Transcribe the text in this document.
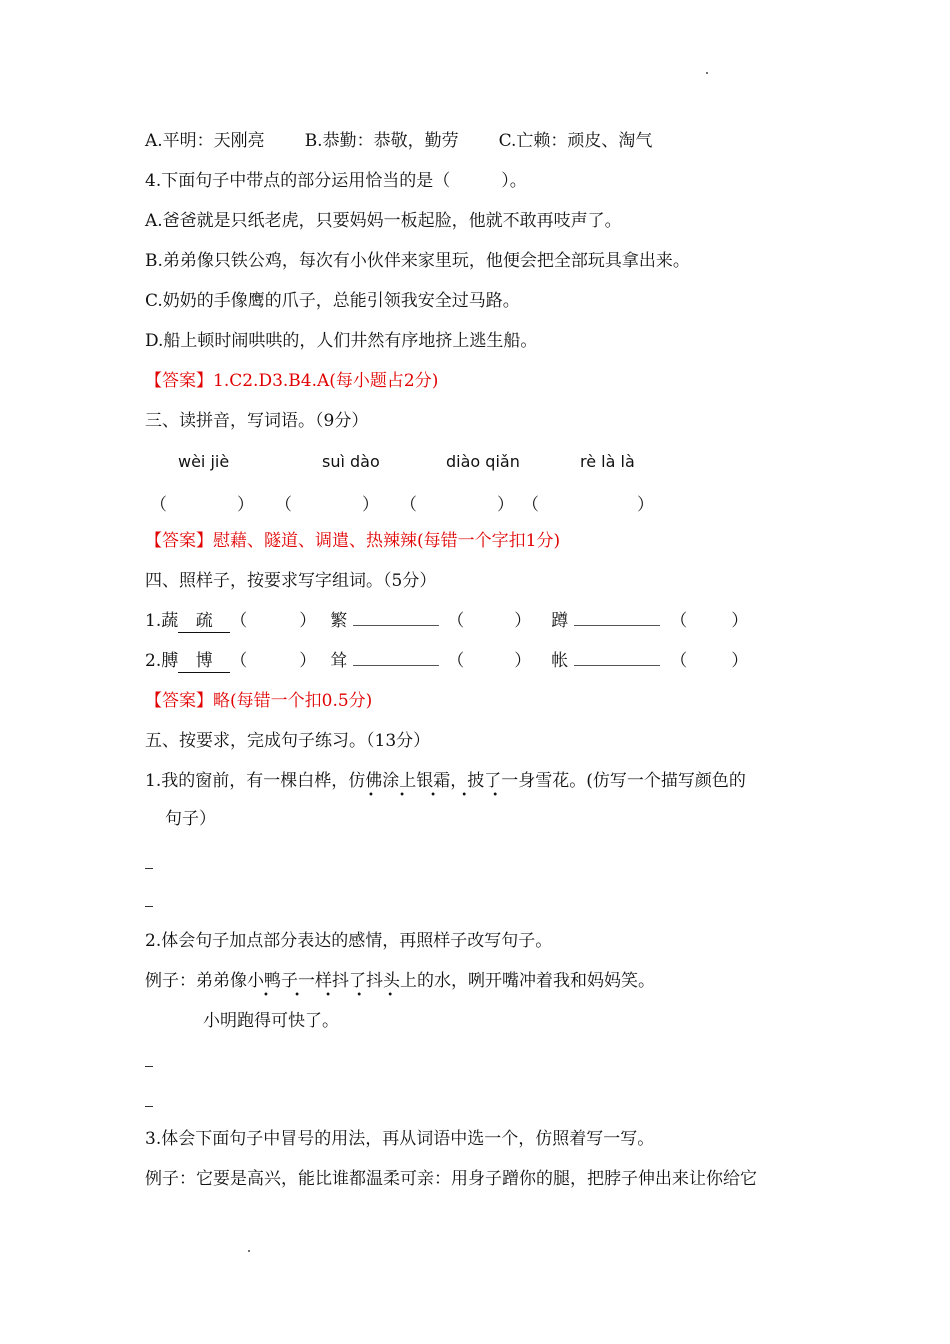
A.平明：天刚亮 B.恭勤：恭敬，勤劳 C.亡赖：顽皮、淘气
4.下面句子中带点的部分运用恰当的是（　　　）。
A.爸爸就是只纸老虎，只要妈妈一板起脸，他就不敢再吱声了。
B.弟弟像只铁公鸡，每次有小伙伴来家里玩，他便会把全部玩具拿出来。
C.奶奶的手像鹰的爪子，总能引领我安全过马路。
D.船上顿时闹哄哄的，人们井然有序地挤上逃生船。
【答案】1.C2.D3.B4.A(每小题占2分)
三、读拼音，写词语。（9分）
wèi jiè	suì dào	diào qiǎn	rè là là
（	） （	） （	） （	）
【答案】慰藉、隧道、调遣、热辣辣(每错一个字扣1分)
四、照样子，按要求写字组词。（5分）
1.蔬 疏 （	） 繁	（	） 蹲	（	）
2.膊 博 （	） 耸	（	） 帐	（	）
【答案】略(每错一个扣0.5分)
五、按要求，完成句子练习。（13分）
1.我的窗前，有一棵白桦，仿佛涂上银霜，披了一身雪花。(仿写一个描写颜色的
• • • • •
句子）
2.体会句子加点部分表达的感情，再照样子改写句子。
例子：弟弟像小鸭子一样抖了抖头上的水，咧开嘴冲着我和妈妈笑。
• • • • •
小明跑得可快了。
3.体会下面句子中冒号的用法，再从词语中选一个，仿照着写一写。
例子：它要是高兴，能比谁都温柔可亲：用身子蹭你的腿，把脖子伸出来让你给它
